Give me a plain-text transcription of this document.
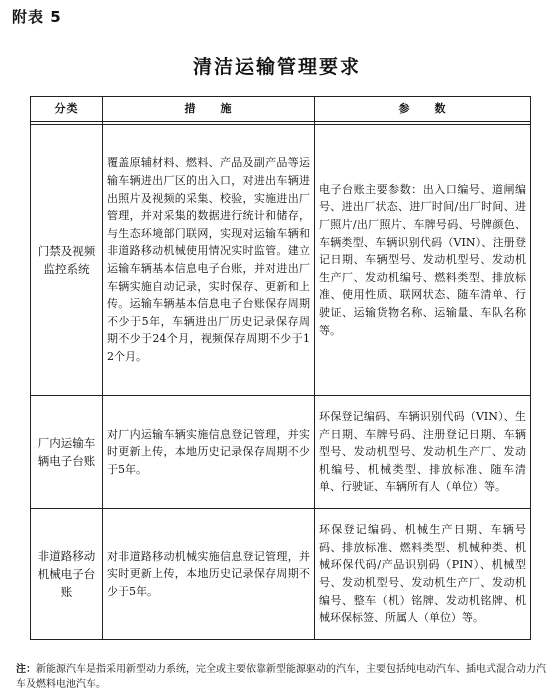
附表 5
清洁运输管理要求
分类	措　　施	参　　数

门禁及视频监控系统	覆盖原辅材料、燃料、产品及副产品等运输车辆进出厂区的出入口，对进出车辆进出照片及视频的采集、校验，实施进出厂管理，并对采集的数据进行统计和储存，与生态环境部门联网，实现对运输车辆和非道路移动机械使用情况实时监管。建立运输车辆基本信息电子台账，并对进出厂车辆实施自动记录，实时保存、更新和上传。运输车辆基本信息电子台账保存周期不少于5年，车辆进出厂历史记录保存周期不少于24个月，视频保存周期不少于12个月。	电子台账主要参数：出入口编号、道闸编号、进出厂状态、进厂时间/出厂时间、进厂照片/出厂照片、车牌号码、号牌颜色、车辆类型、车辆识别代码（VIN）、注册登记日期、车辆型号、发动机型号、发动机生产厂、发动机编号、燃料类型、排放标准、使用性质、联网状态、随车清单、行驶证、运输货物名称、运输量、车队名称等。
厂内运输车辆电子台账	对厂内运输车辆实施信息登记管理，并实时更新上传，本地历史记录保存周期不少于5年。	环保登记编码、车辆识别代码（VIN）、生产日期、车牌号码、注册登记日期、车辆型号、发动机型号、发动机生产厂、发动机编号、机械类型、排放标准、随车清单、行驶证、车辆所有人（单位）等。
非道路移动机械电子台账	对非道路移动机械实施信息登记管理，并实时更新上传，本地历史记录保存周期不少于5年。	环保登记编码、机械生产日期、车辆号码、排放标准、燃料类型、机械种类、机械环保代码/产品识别码（PIN）、机械型号、发动机型号、发动机生产厂、发动机编号、整车（机）铭牌、发动机铭牌、机械环保标签、所属人（单位）等。
注：新能源汽车是指采用新型动力系统，完全或主要依靠新型能源驱动的汽车，主要包括纯电动汽车、插电式混合动力汽车及燃料电池汽车。
